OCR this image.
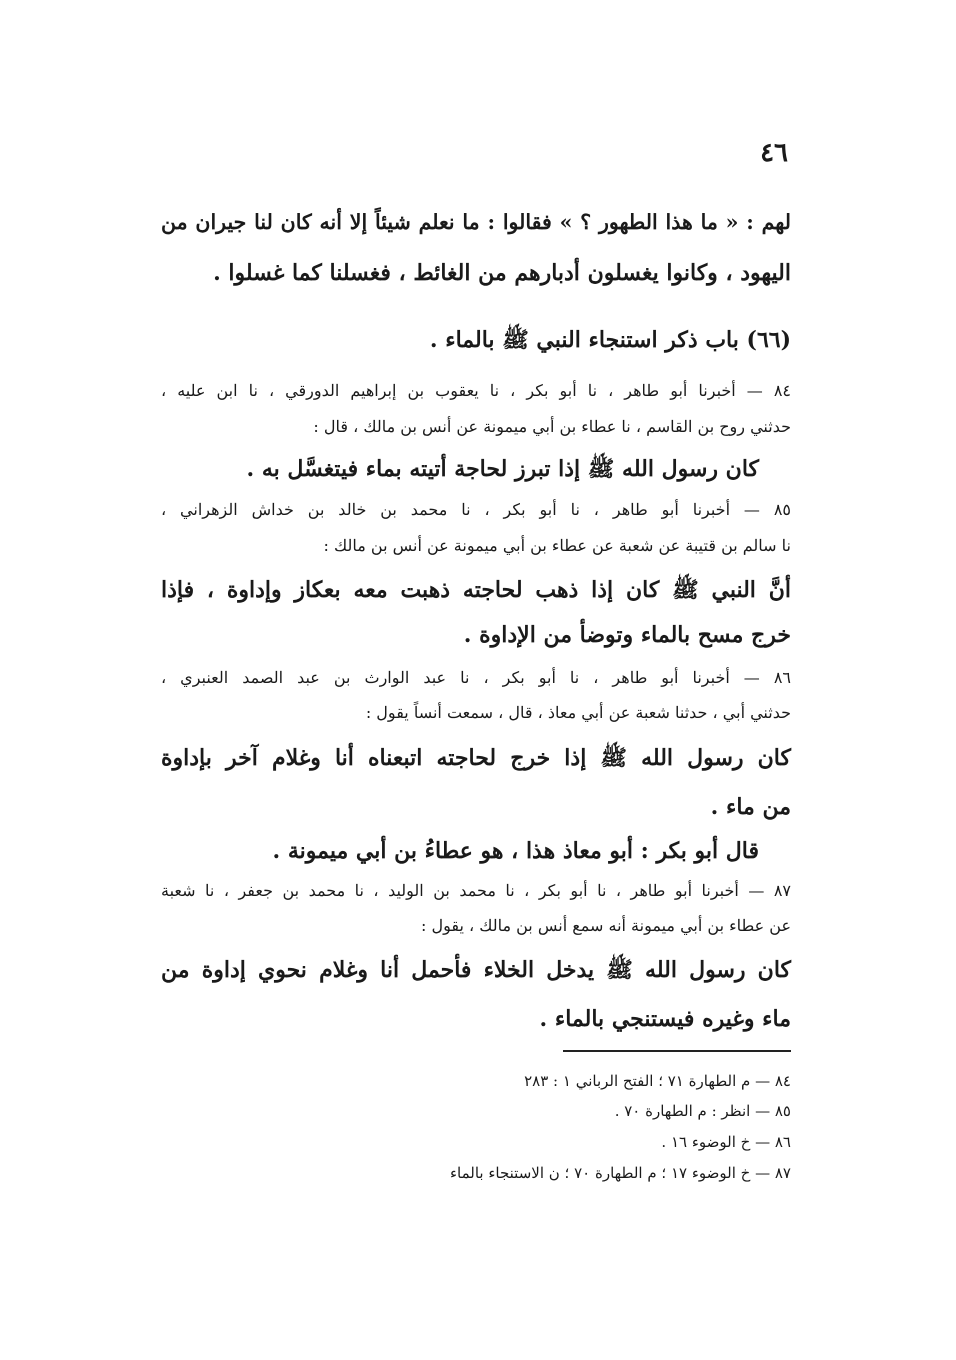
٤٦
لهم : « ما هذا الطهور ؟ » فقالوا : ما نعلم شيئاً إلا أنه كان لنا جيران من
اليهود ، وكانوا يغسلون أدبارهم من الغائط ، فغسلنا كما غسلوا .
(٦٦) باب ذكر استنجاء النبي ﷺ بالماء .
٨٤ — أخبرنا أبو طاهر ، نا أبو بكر ، نا يعقوب بن إبراهيم الدورقي ، نا ابن عليه ،
حدثني روح بن القاسم ، نا عطاء بن أبي ميمونة عن أنس بن مالك ، قال :
كان رسول الله ﷺ إذا تبرز لحاجة أتيته بماء فيتغسَّل به .
٨٥ — أخبرنا أبو طاهر ، نا أبو بكر ، نا محمد بن خالد بن خداش الزهراني ،
نا سالم بن قتيبة عن شعبة عن عطاء بن أبي ميمونة عن أنس بن مالك :
أنَّ النبي ﷺ كان إذا ذهب لحاجته ذهبت معه بعكاز وإداوة ، فإذا
خرج مسح بالماء وتوضأ من الإداوة .
٨٦ — أخبرنا أبو طاهر ، نا أبو بكر ، نا عبد الوارث بن عبد الصمد العنبري ،
حدثني أبي ، حدثنا شعبة عن أبي معاذ ، قال ، سمعت أنساً يقول :
كان رسول الله ﷺ إذا خرج لحاجته اتبعناه أنا وغلام آخر بإداوة
من ماء .
قال أبو بكر : أبو معاذ هذا ، هو عطاءُ بن أبي ميمونة .
٨٧ — أخبرنا أبو طاهر ، نا أبو بكر ، نا محمد بن الوليد ، نا محمد بن جعفر ، نا شعبة
عن عطاء بن أبي ميمونة أنه سمع أنس بن مالك ، يقول :
كان رسول الله ﷺ يدخل الخلاء فأحمل أنا وغلام نحوي إداوة من
ماء وغيره فيستنجي بالماء .
٨٤ — م الطهارة ٧١ ؛ الفتح الرباني ١ : ٢٨٣
٨٥ — انظر : م الطهارة ٧٠ .
٨٦ — خ الوضوء ١٦ .
٨٧ — خ الوضوء ١٧ ؛ م الطهارة ٧٠ ؛ ن الاستنجاء بالماء
